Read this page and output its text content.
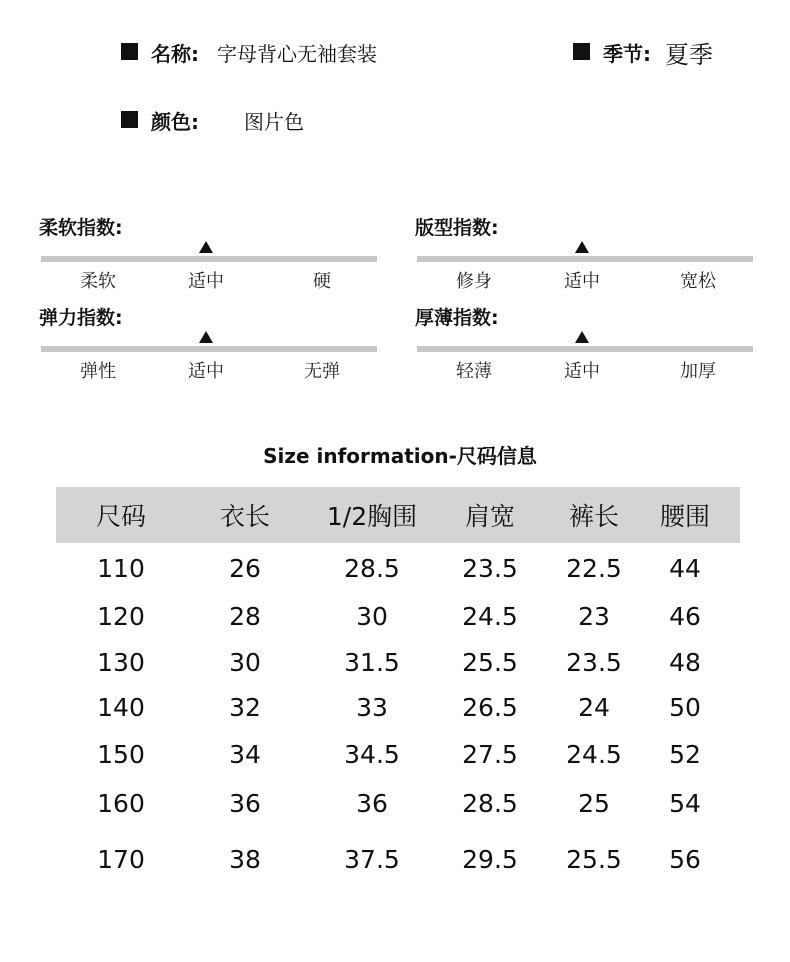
名称: 字母背心无袖套装	季节: 夏季
颜色: 图片色
柔软指数:
柔软	适中	硬
版型指数:
修身	适中	宽松
弹力指数:
弹性	适中	无弹
厚薄指数:
轻薄	适中	加厚
Size information-尺码信息
尺码	衣长	1/2胸围	肩宽	裤长	腰围
110	26	28.5	23.5	22.5	44
120	28	30	24.5	23	46
130	30	31.5	25.5	23.5	48
140	32	33	26.5	24	50
150	34	34.5	27.5	24.5	52
160	36	36	28.5	25	54
170	38	37.5	29.5	25.5	56
